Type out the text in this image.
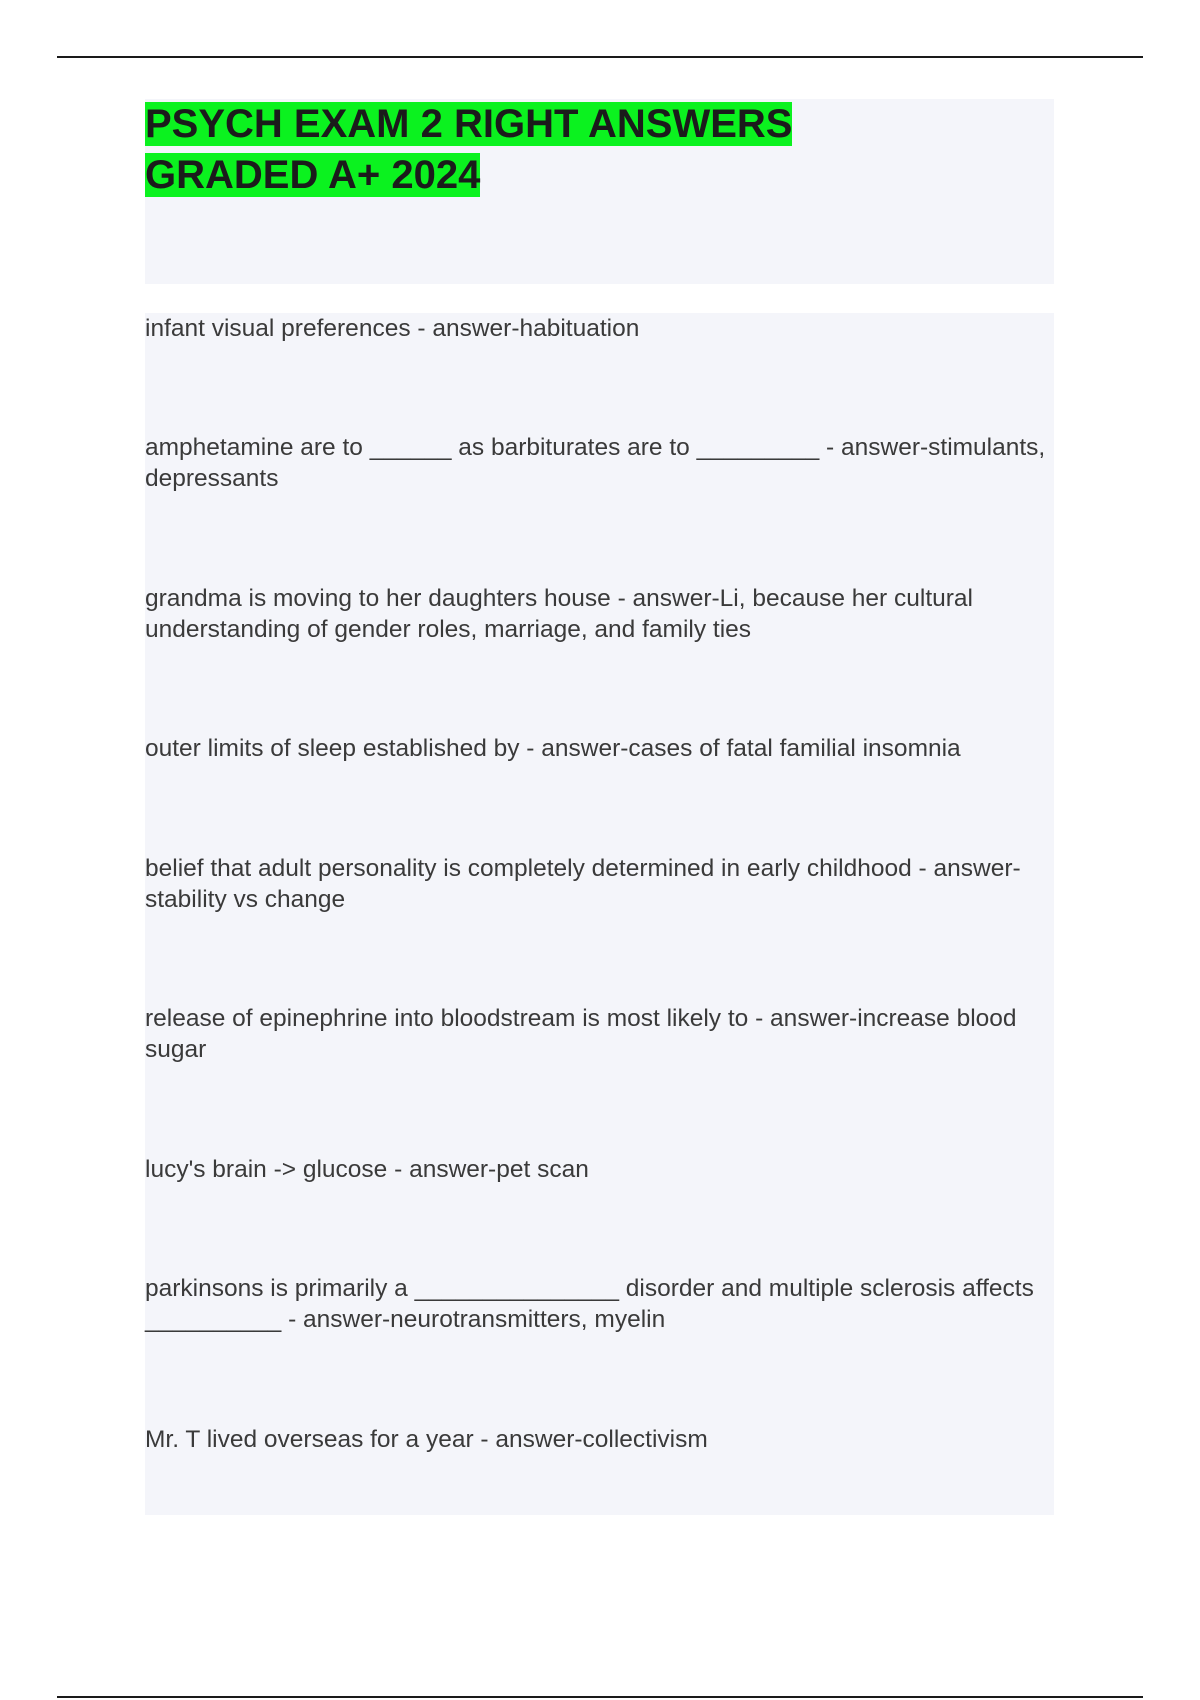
PSYCH EXAM 2 RIGHT ANSWERS GRADED A+ 2024
infant visual preferences - answer-habituation
amphetamine are to ______ as barbiturates are to _________ - answer-stimulants, depressants
grandma is moving to her daughters house - answer-Li, because her cultural understanding of gender roles, marriage, and family ties
outer limits of sleep established by - answer-cases of fatal familial insomnia
belief that adult personality is completely determined in early childhood - answer-stability vs change
release of epinephrine into bloodstream is most likely to - answer-increase blood sugar
lucy's brain -> glucose - answer-pet scan
parkinsons is primarily a _______________ disorder and multiple sclerosis affects __________ - answer-neurotransmitters, myelin
Mr. T lived overseas for a year - answer-collectivism
